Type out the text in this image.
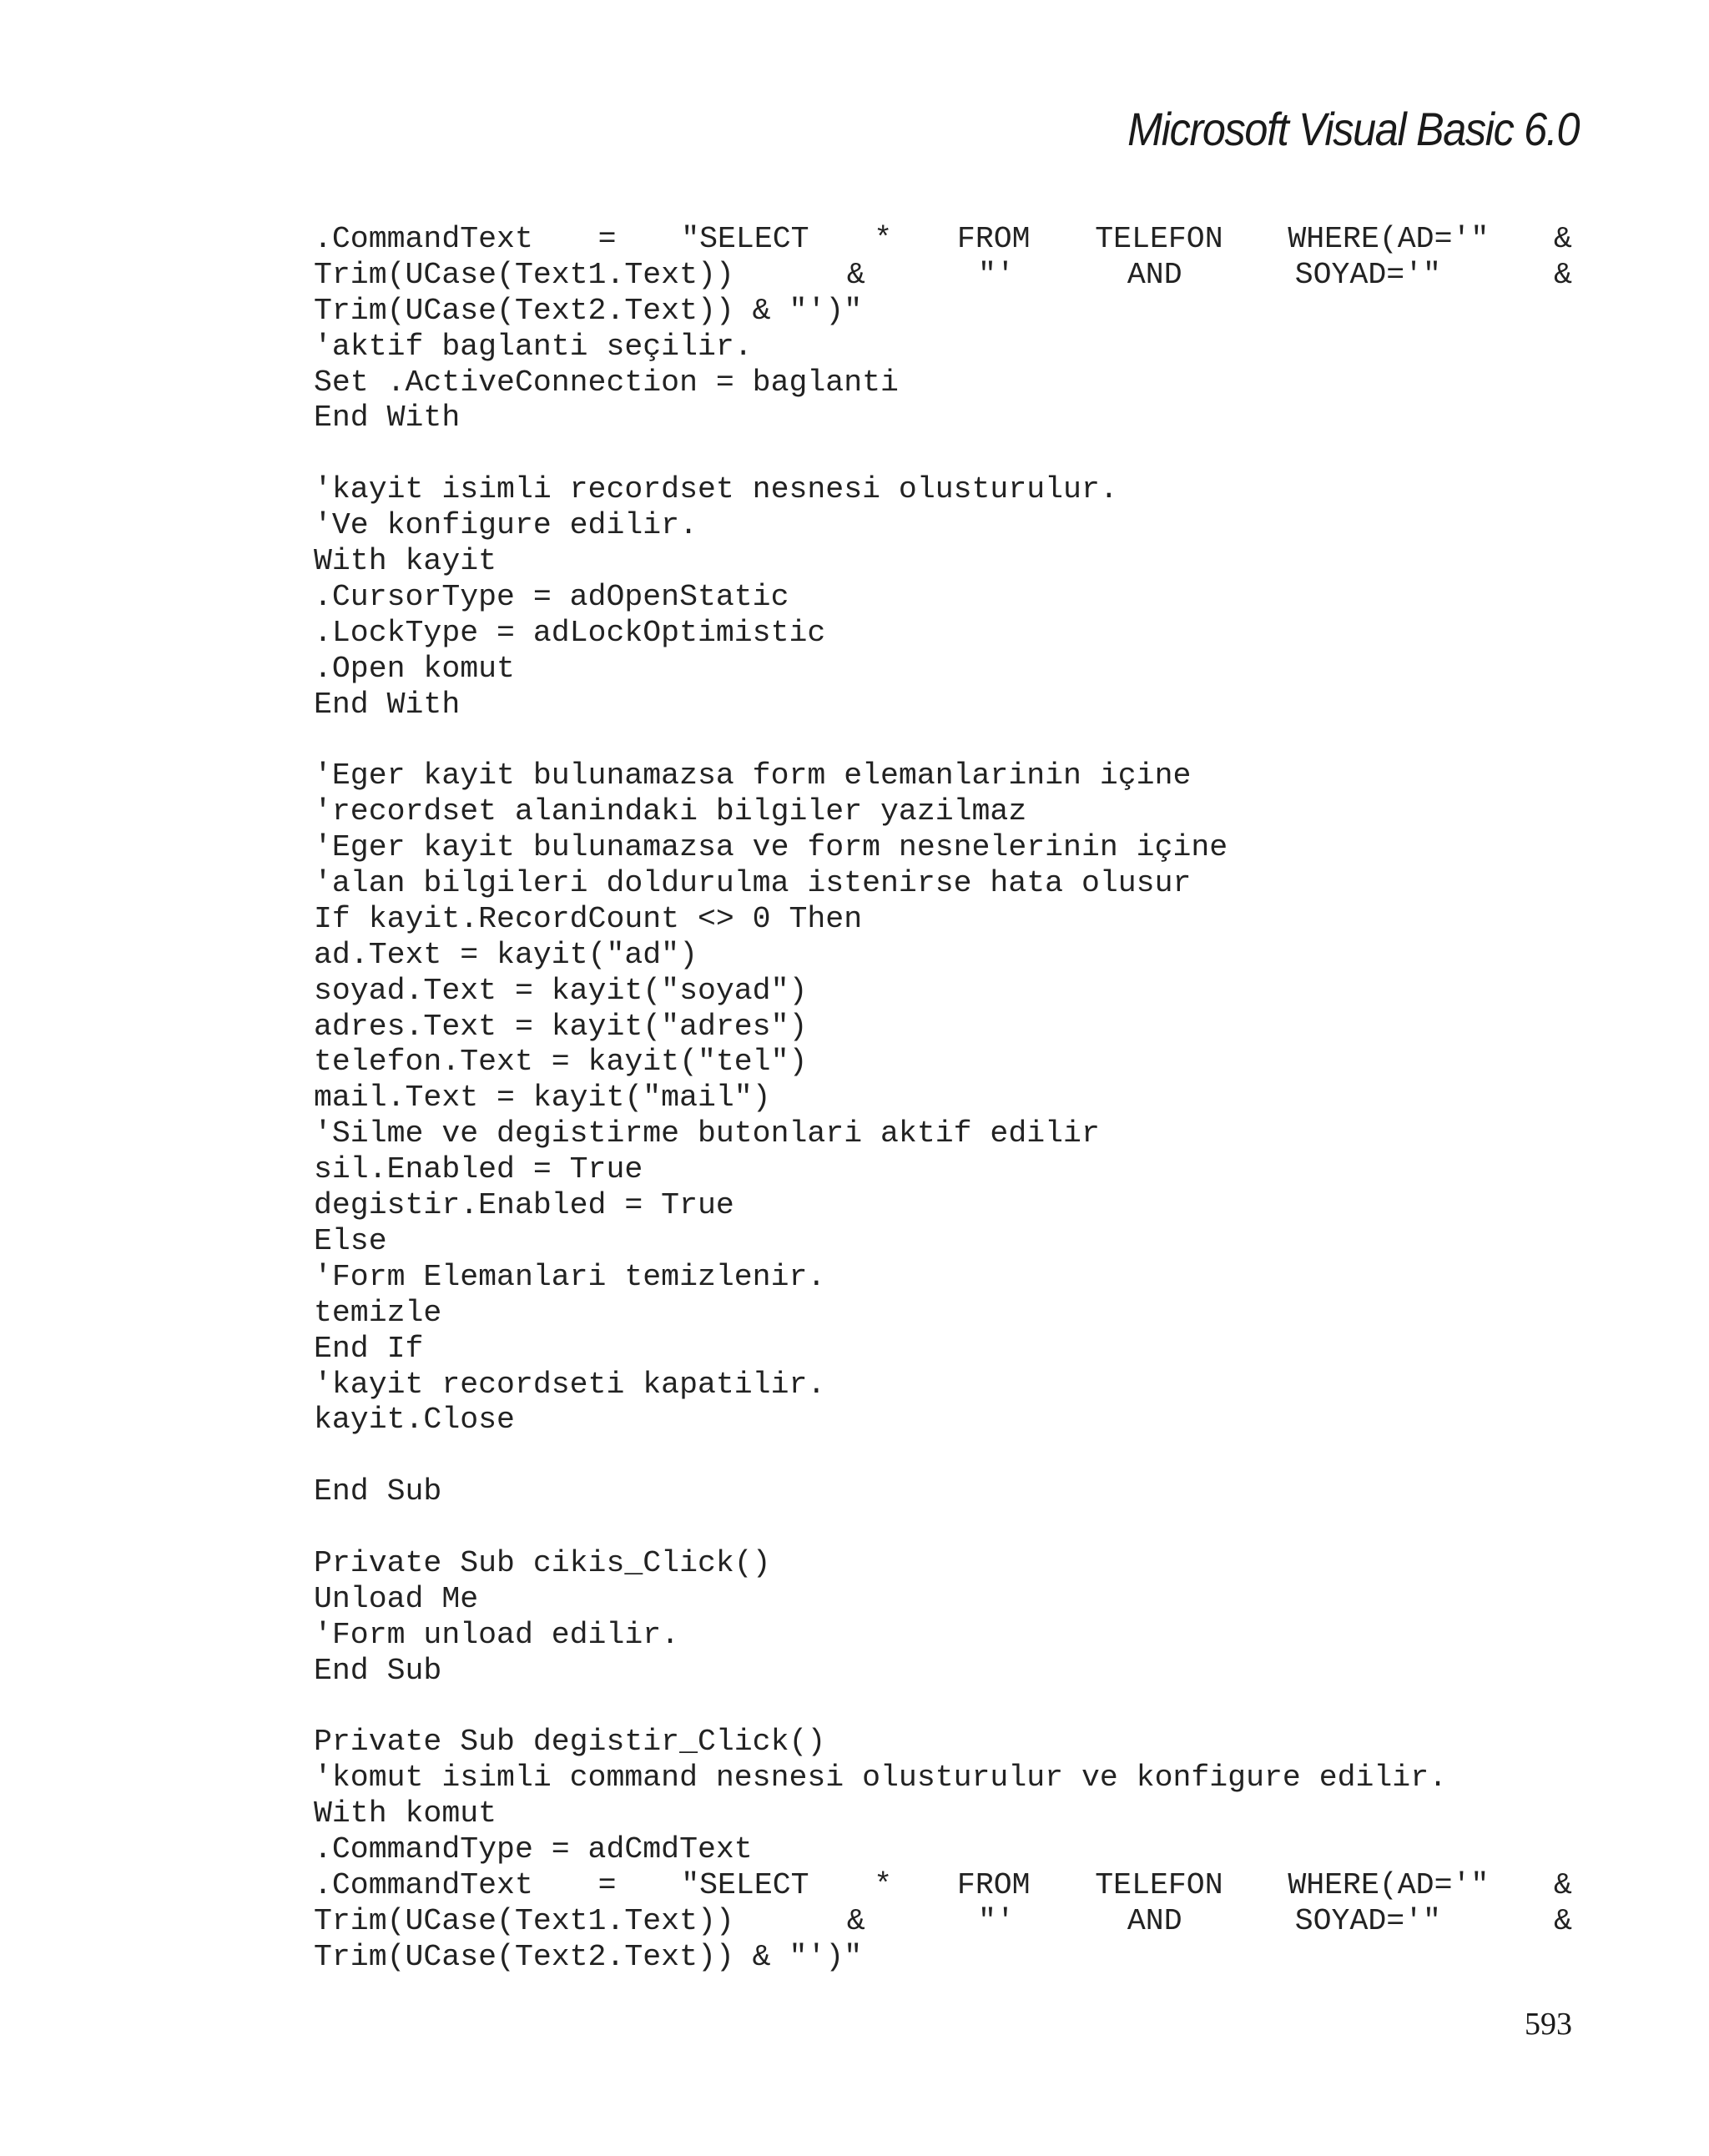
Microsoft Visual Basic 6.0
.CommandText = "SELECT * FROM TELEFON WHERE(AD='" &
Trim(UCase(Text1.Text))	&	"'	AND	SOYAD='"	&
Trim(UCase(Text2.Text)) & "')"
'aktif baglanti seçilir.
Set .ActiveConnection = baglanti
End With
'kayit isimli recordset nesnesi olusturulur.
'Ve konfigure edilir.
With kayit
.CursorType = adOpenStatic
.LockType = adLockOptimistic
.Open komut
End With
'Eger kayit bulunamazsa form elemanlarinin içine
'recordset alanindaki bilgiler yazilmaz
'Eger kayit bulunamazsa ve form nesnelerinin içine
'alan bilgileri doldurulma istenirse hata olusur
If kayit.RecordCount <> 0 Then
ad.Text = kayit("ad")
soyad.Text = kayit("soyad")
adres.Text = kayit("adres")
telefon.Text = kayit("tel")
mail.Text = kayit("mail")
'Silme ve degistirme butonlari aktif edilir
sil.Enabled = True
degistir.Enabled = True
Else
'Form Elemanlari temizlenir.
temizle
End If
'kayit recordseti kapatilir.
kayit.Close
End Sub
Private Sub cikis_Click()
Unload Me
'Form unload edilir.
End Sub
Private Sub degistir_Click()
'komut isimli command nesnesi olusturulur ve konfigure edilir.
With komut
.CommandType = adCmdText
.CommandText = "SELECT * FROM TELEFON WHERE(AD='" &
Trim(UCase(Text1.Text))	&	"'	AND	SOYAD='"	&
Trim(UCase(Text2.Text)) & "')"
593
